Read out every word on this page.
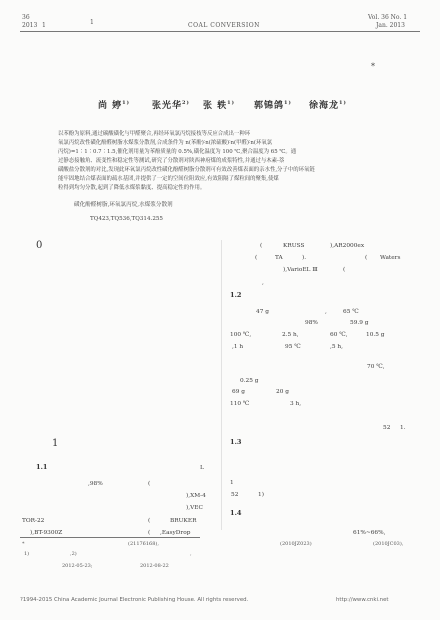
36
1
2013 1	COAL CONVERSION
Vol. 36 No. 1
Jan. 2013
*
尚 婷$^{1)}$ 张光华$^{2)}$ 张 轶$^{1)}$ 郭锦鸽$^{1)}$ 徐海龙$^{1)}$
以苯酚为原料,通过碳酸磺化与甲醛聚合,再经环氧氯丙烷接枝等反应合成出一种环
氧氯丙烷改性磺化酚醛树脂水煤浆分散剂,合成条件为 n(苯酚)∶n(浓硫酸)∶n(甲醛)∶n(环氧氯
丙烷)=1∶1∶0.7∶1.5,催化剂用量为苯酚质量的 0.5%,磺化温度为 100 ℃,聚合温度为 65 ℃。通
过静态接触角、流变性和稳定性等测试,研究了分散剂对陕西神府煤的成浆特性,并通过与木素-萘
磺酸盐分散剂的对比,发现此环氧氯丙烷改性磺化酚醛树脂分散剂可有效改善煤表面的亲水性,分子中的环氧链
能牢固地结合煤表面的疏水基团,并提供了一定的空间位阻效应,有效阻隔了煤粒间的聚集,使煤
粒得到均匀分散,起到了降低水煤浆黏度、提高稳定性的作用。
磺化酚醛树脂,环氧氯丙烷,水煤浆分散剂
TQ423,TQ536,TQ314.255
0
1
1.1
,98%	(
),XM-4
),VEC
TOR-22	(	BRUKER
),BT-9300Z	( ,EasyDrop
L
1.2
1.3
1.4
(	KRUSS	),AR2000ex
(	TA	).	( Waters
),VarioEL Ⅲ	(
,
47 g	,	65 ℃
98%	59.9 g
100 ℃,	2.5 h,	60 ℃,	10.5 g
,1 h	95 ℃	,5 h,
70 ℃,
0.25 g
69 g	20 g
110 ℃	3 h,
52 1.
1
52	1)
61%~66%,
*	(21176168),	(2010JZ023)	(2010JC03),
1)	,2)	,
2012-05-23;	2012-08-22
?1994-2015 China Academic Journal Electronic Publishing House. All rights reserved.	http://www.cnki.net
